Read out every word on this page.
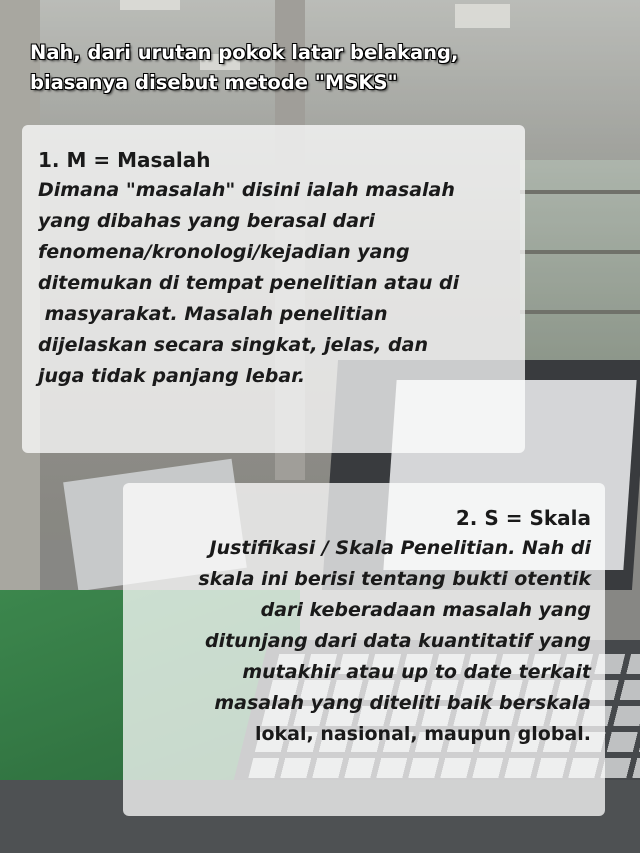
Nah, dari urutan pokok latar belakang,
biasanya disebut metode "MSKS"

1. M = Masalah

Dimana "masalah" disini ialah masalah
yang dibahas yang berasal dari
fenomena/kronologi/kejadian yang
ditemukan di tempat penelitian atau di
masyarakat. Masalah penelitian
dijelaskan secara singkat, jelas, dan
juga tidak panjang lebar.

2. S = Skala

Justifikasi / Skala Penelitian. Nah di
skala ini berisi tentang bukti otentik
dari keberadaan masalah yang
ditunjang dari data kuantitatif yang
mutakhir atau up to date terkait
masalah yang diteliti baik berskala
lokal, nasional, maupun global.
